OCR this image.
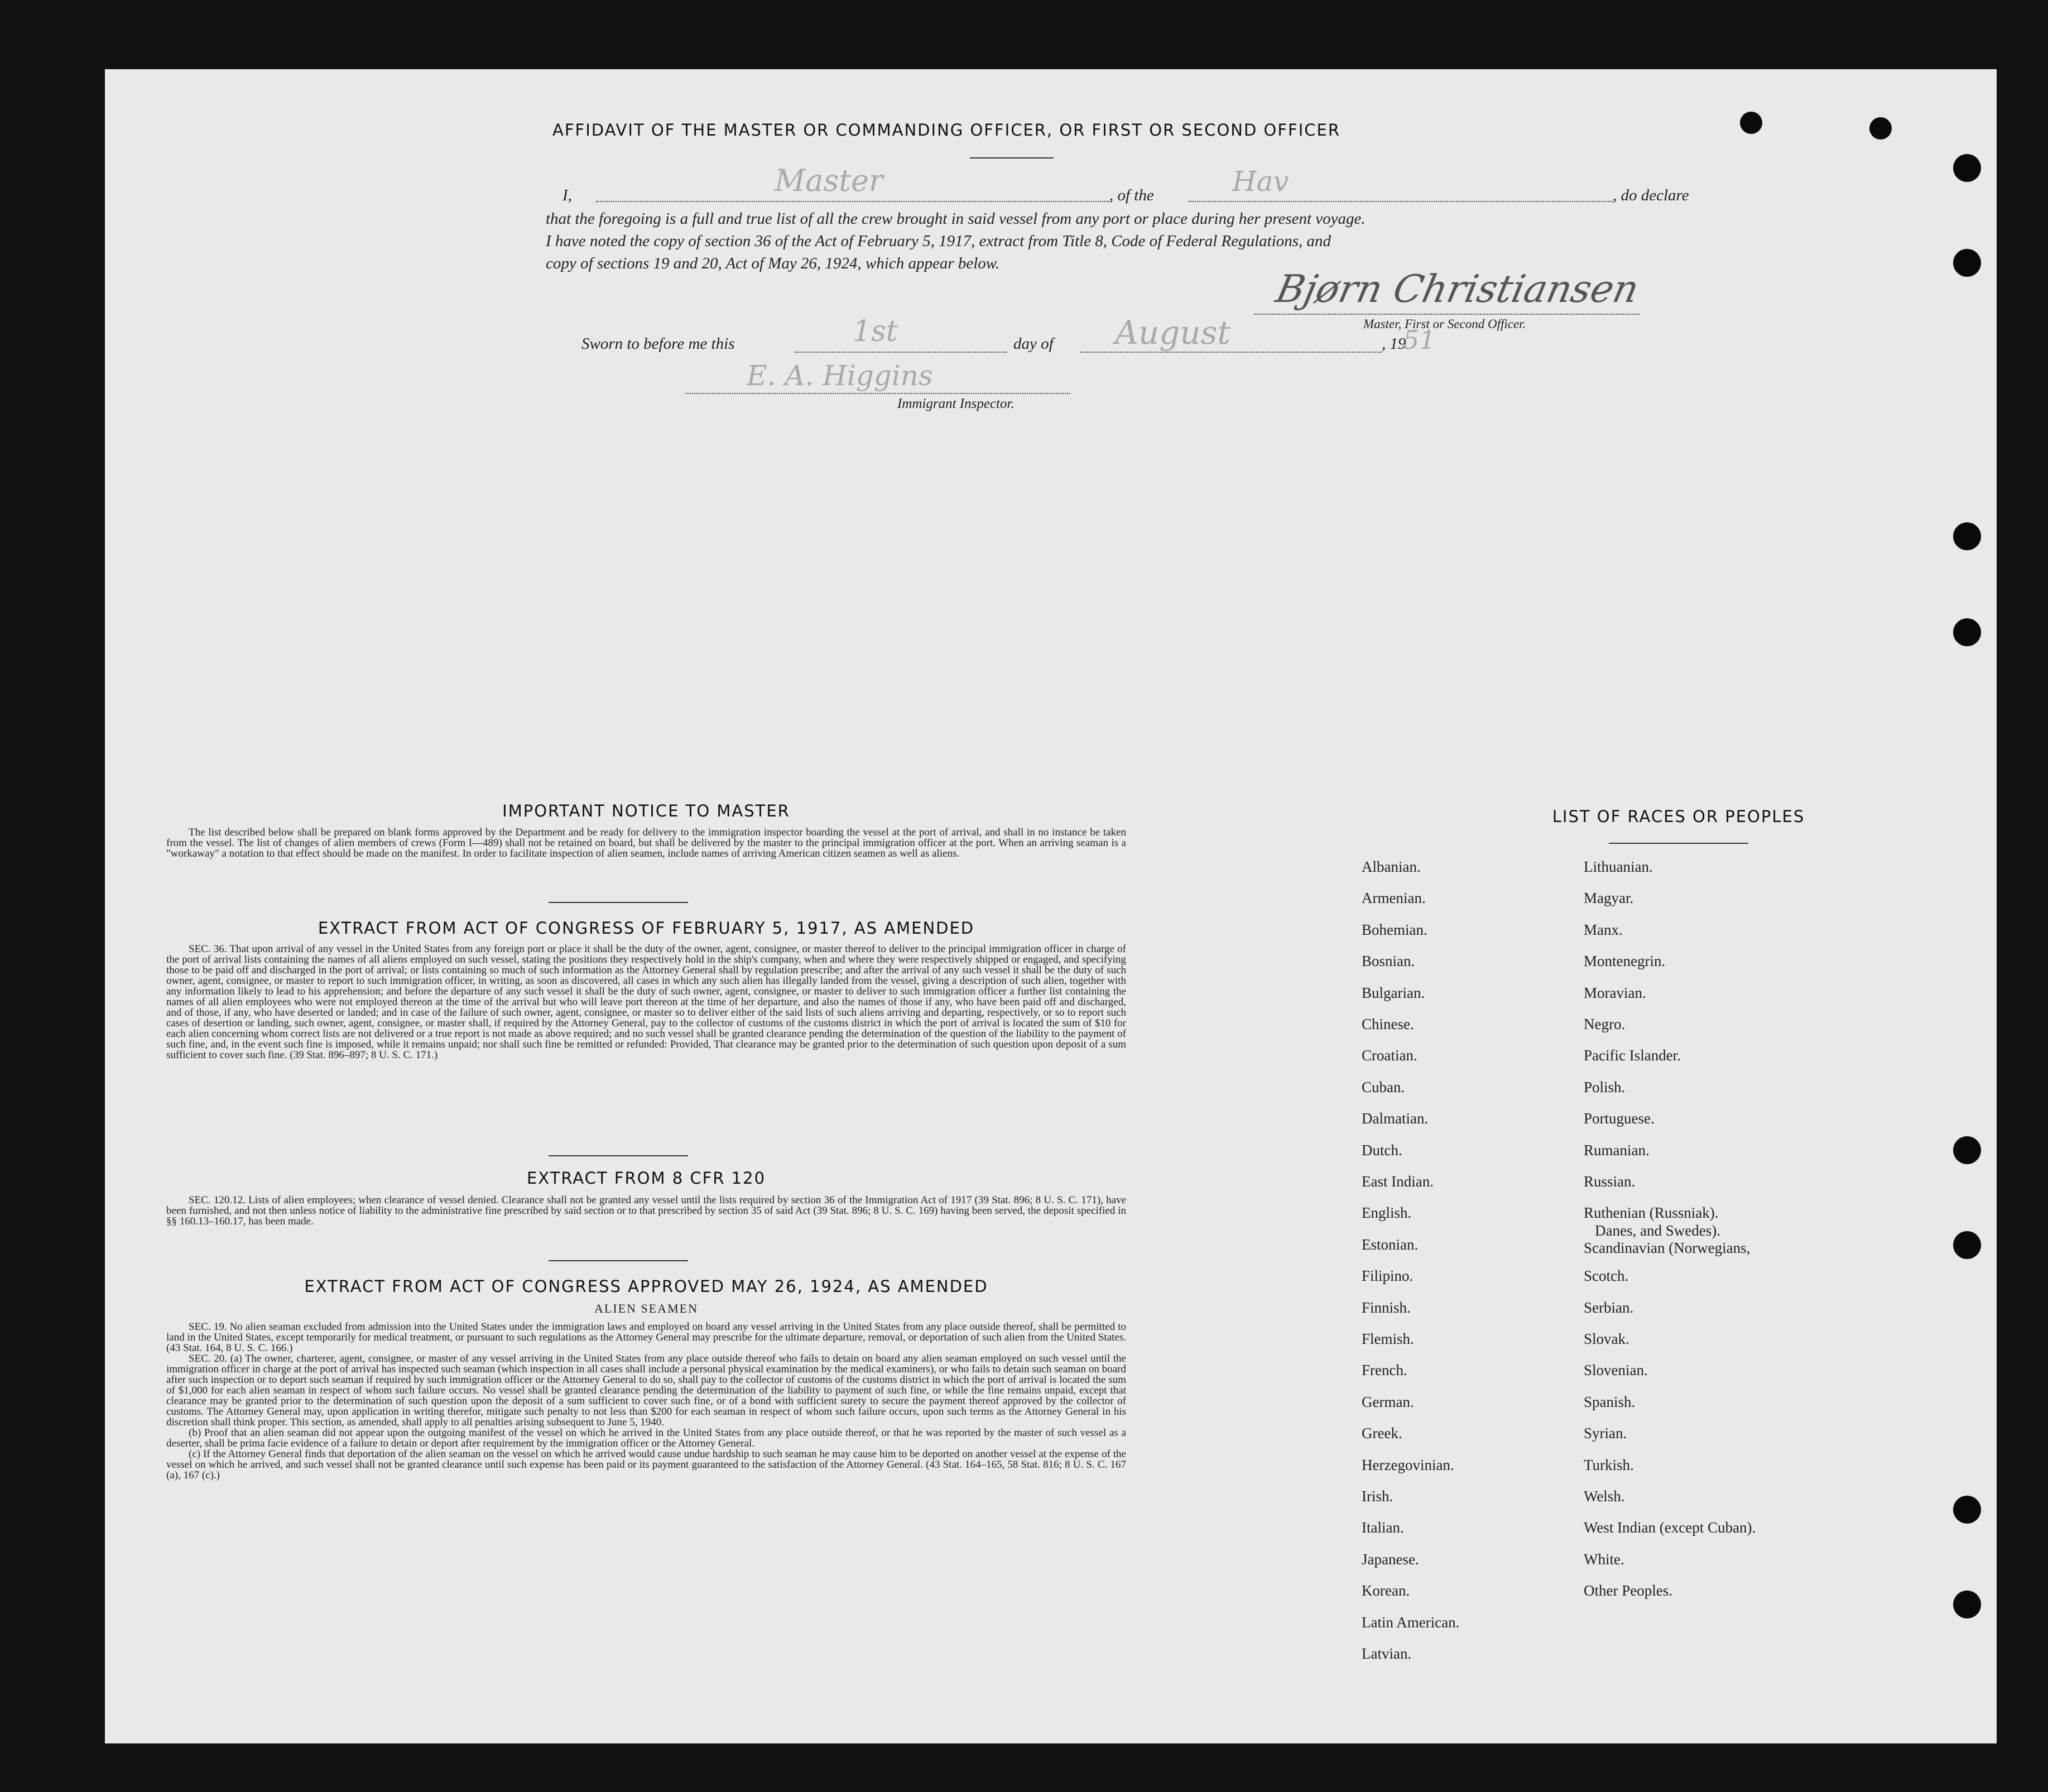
AFFIDAVIT OF THE MASTER OR COMMANDING OFFICER, OR FIRST OR SECOND OFFICER
I,	Master	, of the	Hav	, do declare
that the foregoing is a full and true list of all the crew brought in said vessel from any port or place during her present voyage.
I have noted the copy of section 36 of the Act of February 5, 1917, extract from Title 8, Code of Federal Regulations, and
copy of sections 19 and 20, Act of May 26, 1924, which appear below.
Bjørn Christiansen
Master, First or Second Officer.
Sworn to before me this	1st	day of August	, 19
51
E. A. Higgins
Immigrant Inspector.
IMPORTANT NOTICE TO MASTER

The list described below shall be prepared on blank forms approved by the Department and be ready for delivery to the immigration inspector boarding the vessel at the port of arrival, and shall in no instance be taken from the vessel. The list of changes of alien members of crews (Form I—489) shall not be retained on board, but shall be delivered by the master to the principal immigration officer at the port. When an arriving seaman is a "workaway" a notation to that effect should be made on the manifest. In order to facilitate inspection of alien seamen, include names of arriving American citizen seamen as well as aliens.

EXTRACT FROM ACT OF CONGRESS OF FEBRUARY 5, 1917, AS AMENDED

SEC. 36. That upon arrival of any vessel in the United States from any foreign port or place it shall be the duty of the owner, agent, consignee, or master thereof to deliver to the principal immigration officer in charge of the port of arrival lists containing the names of all aliens employed on such vessel, stating the positions they respectively hold in the ship's company, when and where they were respectively shipped or engaged, and specifying those to be paid off and discharged in the port of arrival; or lists containing so much of such information as the Attorney General shall by regulation prescribe; and after the arrival of any such vessel it shall be the duty of such owner, agent, consignee, or master to report to such immigration officer, in writing, as soon as discovered, all cases in which any such alien has illegally landed from the vessel, giving a description of such alien, together with any information likely to lead to his apprehension; and before the departure of any such vessel it shall be the duty of such owner, agent, consignee, or master to deliver to such immigration officer a further list containing the names of all alien employees who were not employed thereon at the time of the arrival but who will leave port thereon at the time of her departure, and also the names of those if any, who have been paid off and discharged, and of those, if any, who have deserted or landed; and in case of the failure of such owner, agent, consignee, or master so to deliver either of the said lists of such aliens arriving and departing, respectively, or so to report such cases of desertion or landing, such owner, agent, consignee, or master shall, if required by the Attorney General, pay to the collector of customs of the customs district in which the port of arrival is located the sum of $10 for each alien concerning whom correct lists are not delivered or a true report is not made as above required; and no such vessel shall be granted clearance pending the determination of the question of the liability to the payment of such fine, and, in the event such fine is imposed, while it remains unpaid; nor shall such fine be remitted or refunded: Provided, That clearance may be granted prior to the determination of such question upon deposit of a sum sufficient to cover such fine. (39 Stat. 896–897; 8 U. S. C. 171.)

EXTRACT FROM 8 CFR 120

SEC. 120.12. Lists of alien employees; when clearance of vessel denied. Clearance shall not be granted any vessel until the lists required by section 36 of the Immigration Act of 1917 (39 Stat. 896; 8 U. S. C. 171), have been furnished, and not then unless notice of liability to the administrative fine prescribed by said section or to that prescribed by section 35 of said Act (39 Stat. 896; 8 U. S. C. 169) having been served, the deposit specified in §§ 160.13–160.17, has been made.

EXTRACT FROM ACT OF CONGRESS APPROVED MAY 26, 1924, AS AMENDED
ALIEN SEAMEN

SEC. 19. No alien seaman excluded from admission into the United States under the immigration laws and employed on board any vessel arriving in the United States from any place outside thereof, shall be permitted to land in the United States, except temporarily for medical treatment, or pursuant to such regulations as the Attorney General may prescribe for the ultimate departure, removal, or deportation of such alien from the United States. (43 Stat. 164, 8 U. S. C. 166.)

SEC. 20. (a) The owner, charterer, agent, consignee, or master of any vessel arriving in the United States from any place outside thereof who fails to detain on board any alien seaman employed on such vessel until the immigration officer in charge at the port of arrival has inspected such seaman (which inspection in all cases shall include a personal physical examination by the medical examiners), or who fails to detain such seaman on board after such inspection or to deport such seaman if required by such immigration officer or the Attorney General to do so, shall pay to the collector of customs of the customs district in which the port of arrival is located the sum of $1,000 for each alien seaman in respect of whom such failure occurs. No vessel shall be granted clearance pending the determination of the liability to payment of such fine, or while the fine remains unpaid, except that clearance may be granted prior to the determination of such question upon the deposit of a sum sufficient to cover such fine, or of a bond with sufficient surety to secure the payment thereof approved by the collector of customs. The Attorney General may, upon application in writing therefor, mitigate such penalty to not less than $200 for each seaman in respect of whom such failure occurs, upon such terms as the Attorney General in his discretion shall think proper. This section, as amended, shall apply to all penalties arising subsequent to June 5, 1940.

(b) Proof that an alien seaman did not appear upon the outgoing manifest of the vessel on which he arrived in the United States from any place outside thereof, or that he was reported by the master of such vessel as a deserter, shall be prima facie evidence of a failure to detain or deport after requirement by the immigration officer or the Attorney General.

(c) If the Attorney General finds that deportation of the alien seaman on the vessel on which he arrived would cause undue hardship to such seaman he may cause him to be deported on another vessel at the expense of the vessel on which he arrived, and such vessel shall not be granted clearance until such expense has been paid or its payment guaranteed to the satisfaction of the Attorney General. (43 Stat. 164–165, 58 Stat. 816; 8 U. S. C. 167 (a), 167 (c).)

LIST OF RACES OR PEOPLES
Albanian.
Armenian.
Bohemian.
Bosnian.
Bulgarian.
Chinese.
Croatian.
Cuban.
Dalmatian.
Dutch.
East Indian.
English.
Estonian.
Filipino.
Finnish.
Flemish.
French.
German.
Greek.
Herzegovinian.
Irish.
Italian.
Japanese.
Korean.
Latin American.
Latvian.
Lithuanian.
Magyar.
Manx.
Montenegrin.
Moravian.
Negro.
Pacific Islander.
Polish.
Portuguese.
Rumanian.
Russian.
Ruthenian (Russniak).
Scandinavian (Norwegians,
Danes, and Swedes).
Scotch.
Serbian.
Slovak.
Slovenian.
Spanish.
Syrian.
Turkish.
Welsh.
West Indian (except Cuban).
White.
Other Peoples.
